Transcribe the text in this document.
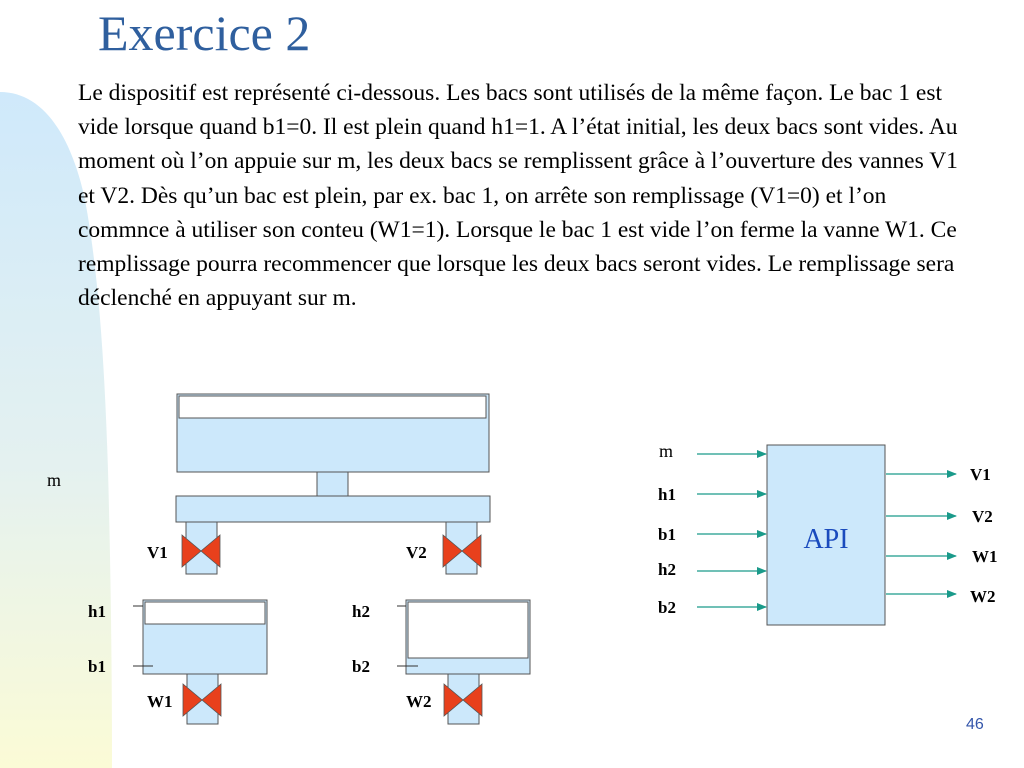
Exercice 2

Le dispositif est représenté ci-dessous. Les bacs sont utilisés de la même façon. Le bac 1 est vide lorsque quand b1=0. Il est plein quand h1=1. A l’état initial, les deux bacs sont vides. Au moment où l’on appuie sur m, les deux bacs se remplissent grâce à l’ouverture des vannes V1 et V2. Dès qu’un bac est plein, par ex. bac 1, on arrête son remplissage (V1=0) et l’on commnce à utiliser son conteu (W1=1). Lorsque le bac 1 est vide l’on ferme la vanne W1. Ce remplissage pourra recommencer que lorsque les deux bacs seront vides. Le remplissage sera déclenché en appuyant sur m.

V1	V2
m
h1
b1
W1
h2
b2
W2
API
m
h1
b1
h2
b2
V1
V2
W1
W2
46
